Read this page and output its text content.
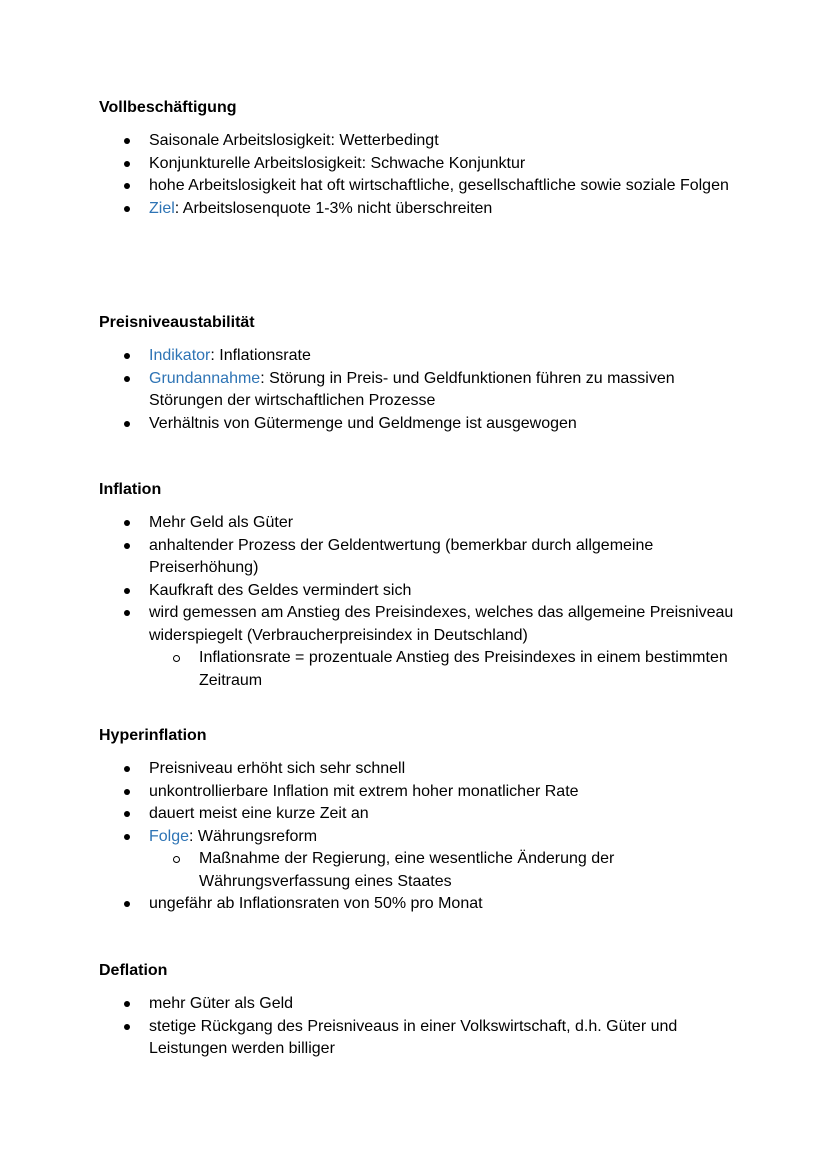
Vollbeschäftigung
Saisonale Arbeitslosigkeit: Wetterbedingt
Konjunkturelle Arbeitslosigkeit: Schwache Konjunktur
hohe Arbeitslosigkeit hat oft wirtschaftliche, gesellschaftliche sowie soziale Folgen
Ziel: Arbeitslosenquote 1-3% nicht überschreiten
Preisniveaustabilität
Indikator: Inflationsrate
Grundannahme: Störung in Preis- und Geldfunktionen führen zu massiven Störungen der wirtschaftlichen Prozesse
Verhältnis von Gütermenge und Geldmenge ist ausgewogen
Inflation
Mehr Geld als Güter
anhaltender Prozess der Geldentwertung (bemerkbar durch allgemeine Preiserhöhung)
Kaufkraft des Geldes vermindert sich
wird gemessen am Anstieg des Preisindexes, welches das allgemeine Preisniveau widerspiegelt (Verbraucherpreisindex in Deutschland)
Inflationsrate = prozentuale Anstieg des Preisindexes in einem bestimmten Zeitraum
Hyperinflation
Preisniveau erhöht sich sehr schnell
unkontrollierbare Inflation mit extrem hoher monatlicher Rate
dauert meist eine kurze Zeit an
Folge: Währungsreform
Maßnahme der Regierung, eine wesentliche Änderung der Währungsverfassung eines Staates
ungefähr ab Inflationsraten von 50% pro Monat
Deflation
mehr Güter als Geld
stetige Rückgang des Preisniveaus in einer Volkswirtschaft, d.h. Güter und Leistungen werden billiger
